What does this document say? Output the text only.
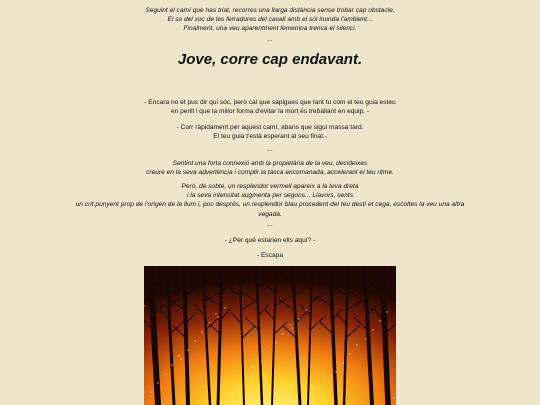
Seguint el camí que has triat, recorres una llarga distància sense trobar cap obstacle.

El so del xoc de les ferradures del cavall amb el sòl inunda l'ambient...

Finalment, una veu aparentment femenina trenca el silenci.

...
Jove, corre cap endavant.

- Encara no et puc dir qui sóc, però cal que sàpigues que tant tu com el teu guia esteu

en perill i que la millor forma d'evitar la mort és treballant en equip. -

- Corr ràpidament per aquest camí, abans que sigui massa tard.

El teu guia t'està esperant al seu final.-

...

Sentint una forta connexió amb la propietària de la veu, decideixes

creure en la seva advertència i complir la tasca encomanada, accelerant el teu ritme.

Però, de sobte, un resplendor vermell apareix a la teva dreta

i la seva intensitat augmenta per segons... Llavors, sents

un crit punyent prop de l'origen de la llum i, poc després, un resplendor blau procedent del teu destí et cega, escoltes la veu una altra

vegada.

...
- ¿Per què estarien ells aquí? -
- Escapa
